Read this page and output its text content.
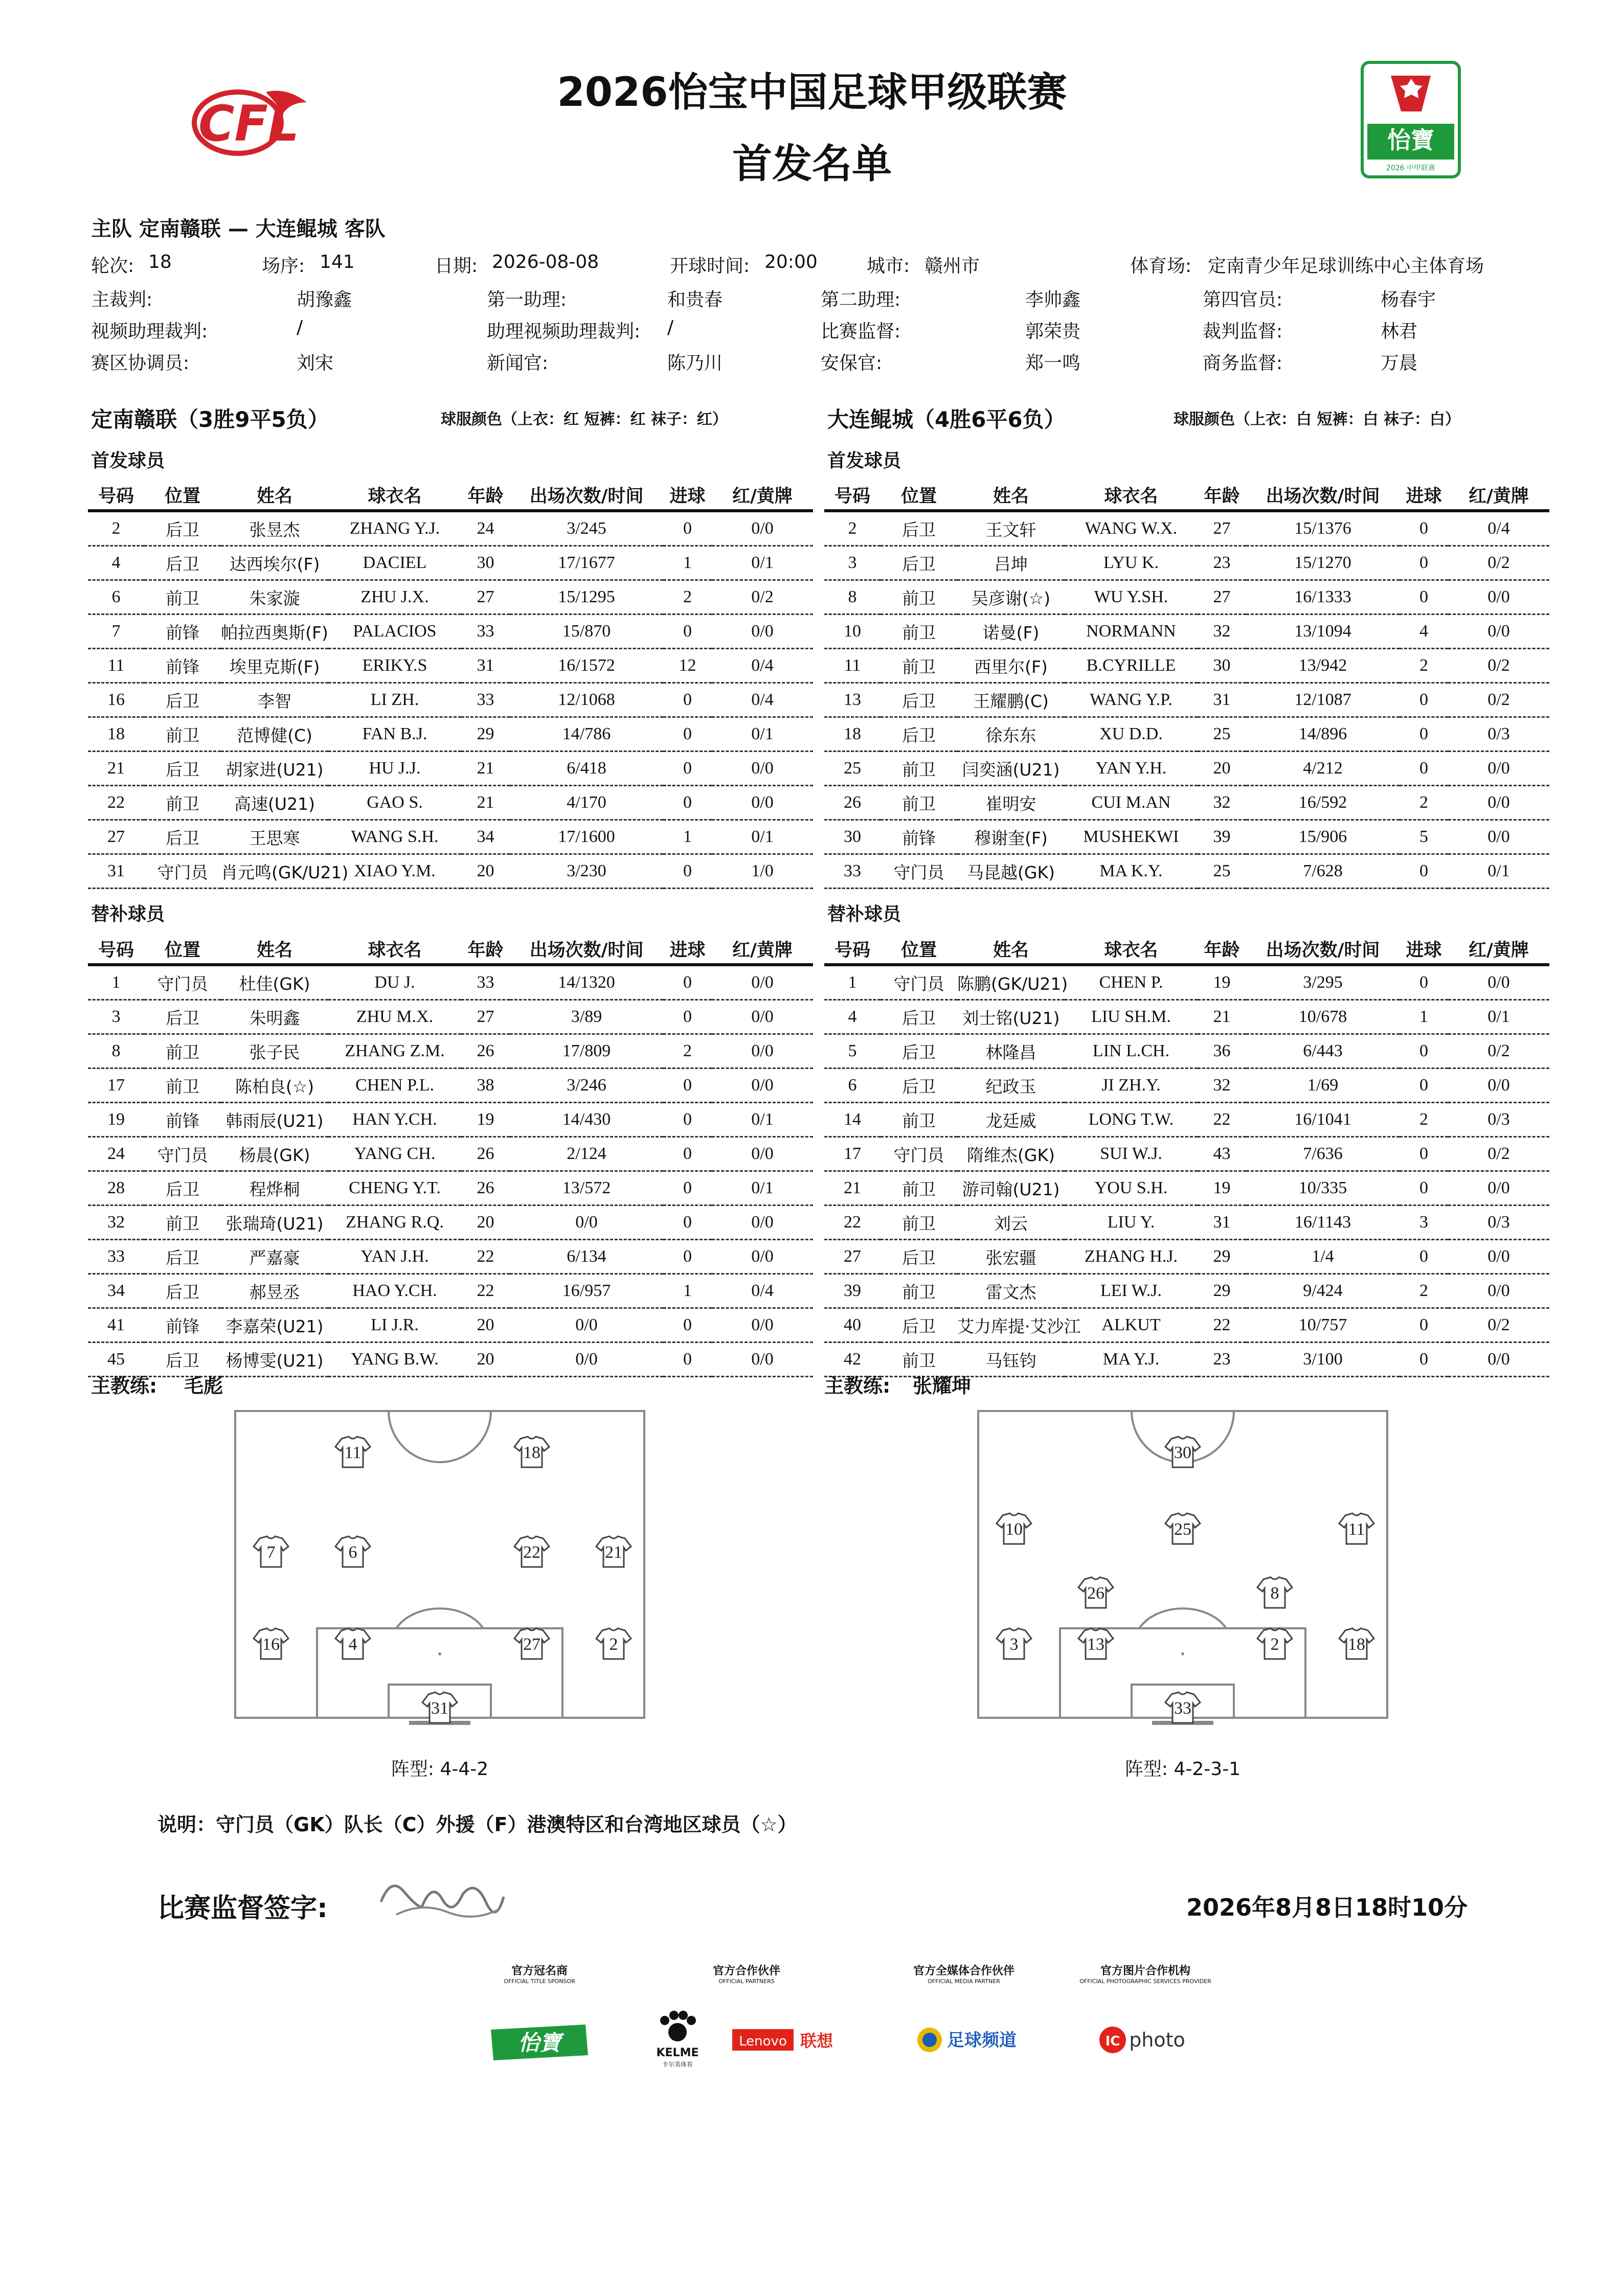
CFL	怡寶
2026 中甲联赛
2026怡宝中国足球甲级联赛
首发名单
主队 定南赣联 — 大连鲲城 客队
轮次: 18	场序: 141	日期: 2026-08-08	开球时间: 20:00	城市: 赣州市	体育场: 定南青少年足球训练中心主体育场
主裁判:	胡豫鑫	第一助理:	和贵春	第二助理:	李帅鑫	第四官员:	杨春宇
视频助理裁判:	/	助理视频助理裁判: /	比赛监督:	郭荣贵	裁判监督:	林君
赛区协调员:	刘宋	新闻官:	陈乃川	安保官:	郑一鸣	商务监督:	万晨
定南赣联（3胜9平5负）	球服颜色（上衣：红 短裤：红 袜子：红）	大连鲲城（4胜6平6负）	球服颜色（上衣：白 短裤：白 袜子：白）
首发球员	首发球员
替补球员	替补球员
号码	位置	姓名	球衣名	年龄	出场次数/时间	进球	红/黄牌
2	后卫	张昱杰	ZHANG Y.J.	24	3/245	0	0/0
4	后卫	达西埃尔(F)	DACIEL	30	17/1677	1	0/1
6	前卫	朱家漩	ZHU J.X.	27	15/1295	2	0/2
7	前锋	帕拉西奥斯(F)	PALACIOS	33	15/870	0	0/0
11	前锋	埃里克斯(F)	ERIKY.S	31	16/1572	12	0/4
16	后卫	李智	LI ZH.	33	12/1068	0	0/4
18	前卫	范博健(C)	FAN B.J.	29	14/786	0	0/1
21	后卫	胡家进(U21)	HU J.J.	21	6/418	0	0/0
22	前卫	高速(U21)	GAO S.	21	4/170	0	0/0
27	后卫	王思寒	WANG S.H.	34	17/1600	1	0/1
31	守门员	肖元鸣(GK/U21)	XIAO Y.M.	20	3/230	0	1/0
号码	位置	姓名	球衣名	年龄	出场次数/时间	进球	红/黄牌
2	后卫	王文轩	WANG W.X.	27	15/1376	0	0/4
3	后卫	吕坤	LYU K.	23	15/1270	0	0/2
8	前卫	吴彦谢(☆)	WU Y.SH.	27	16/1333	0	0/0
10	前卫	诺曼(F)	NORMANN	32	13/1094	4	0/0
11	前卫	西里尔(F)	B.CYRILLE	30	13/942	2	0/2
13	后卫	王耀鹏(C)	WANG Y.P.	31	12/1087	0	0/2
18	后卫	徐东东	XU D.D.	25	14/896	0	0/3
25	前卫	闫奕涵(U21)	YAN Y.H.	20	4/212	0	0/0
26	前卫	崔明安	CUI M.AN	32	16/592	2	0/0
30	前锋	穆谢奎(F)	MUSHEKWI	39	15/906	5	0/0
33	守门员	马昆越(GK)	MA K.Y.	25	7/628	0	0/1
号码	位置	姓名	球衣名	年龄	出场次数/时间	进球	红/黄牌
1	守门员	杜佳(GK)	DU J.	33	14/1320	0	0/0
3	后卫	朱明鑫	ZHU M.X.	27	3/89	0	0/0
8	前卫	张子民	ZHANG Z.M.	26	17/809	2	0/0
17	前卫	陈柏良(☆)	CHEN P.L.	38	3/246	0	0/0
19	前锋	韩雨辰(U21)	HAN Y.CH.	19	14/430	0	0/1
24	守门员	杨晨(GK)	YANG CH.	26	2/124	0	0/0
28	后卫	程烨桐	CHENG Y.T.	26	13/572	0	0/1
32	前卫	张瑞琦(U21)	ZHANG R.Q.	20	0/0	0	0/0
33	后卫	严嘉豪	YAN J.H.	22	6/134	0	0/0
34	后卫	郝昱丞	HAO Y.CH.	22	16/957	1	0/4
41	前锋	李嘉荣(U21)	LI J.R.	20	0/0	0	0/0
45	后卫	杨博雯(U21)	YANG B.W.	20	0/0	0	0/0
号码	位置	姓名	球衣名	年龄	出场次数/时间	进球	红/黄牌
1	守门员	陈鹏(GK/U21)	CHEN P.	19	3/295	0	0/0
4	后卫	刘士铭(U21)	LIU SH.M.	21	10/678	1	0/1
5	后卫	林隆昌	LIN L.CH.	36	6/443	0	0/2
6	后卫	纪政玉	JI ZH.Y.	32	1/69	0	0/0
14	前卫	龙廷威	LONG T.W.	22	16/1041	2	0/3
17	守门员	隋维杰(GK)	SUI W.J.	43	7/636	0	0/2
21	前卫	游司翰(U21)	YOU S.H.	19	10/335	0	0/0
22	前卫	刘云	LIU Y.	31	16/1143	3	0/3
27	后卫	张宏疆	ZHANG H.J.	29	1/4	0	0/0
39	前卫	雷文杰	LEI W.J.	29	9/424	2	0/0
40	后卫	艾力库提·艾沙江	ALKUT	22	10/757	0	0/2
42	前卫	马钰钧	MA Y.J.	23	3/100	0	0/0
主教练: 毛彪	主教练: 张耀坤
11	18
7	6	22	21
16	4	27	2
31
30
10	25	11
26	8
3	13	2	18
33
阵型: 4-4-2	阵型: 4-2-3-1
说明：守门员（GK）队长（C）外援（F）港澳特区和台湾地区球员（☆）
比赛监督签字:	2026年8月8日18时10分
官方冠名商
OFFICIAL TITLE SPONSOR
官方合作伙伴
OFFICIAL PARTNERS
官方全媒体合作伙伴
OFFICIAL MEDIA PARTNER
官方图片合作机构
OFFICIAL PHOTOGRAPHIC SERVICES PROVIDER
怡寶	KELME
卡尔美体育
Lenovo 联想	足球频道	IC photo
